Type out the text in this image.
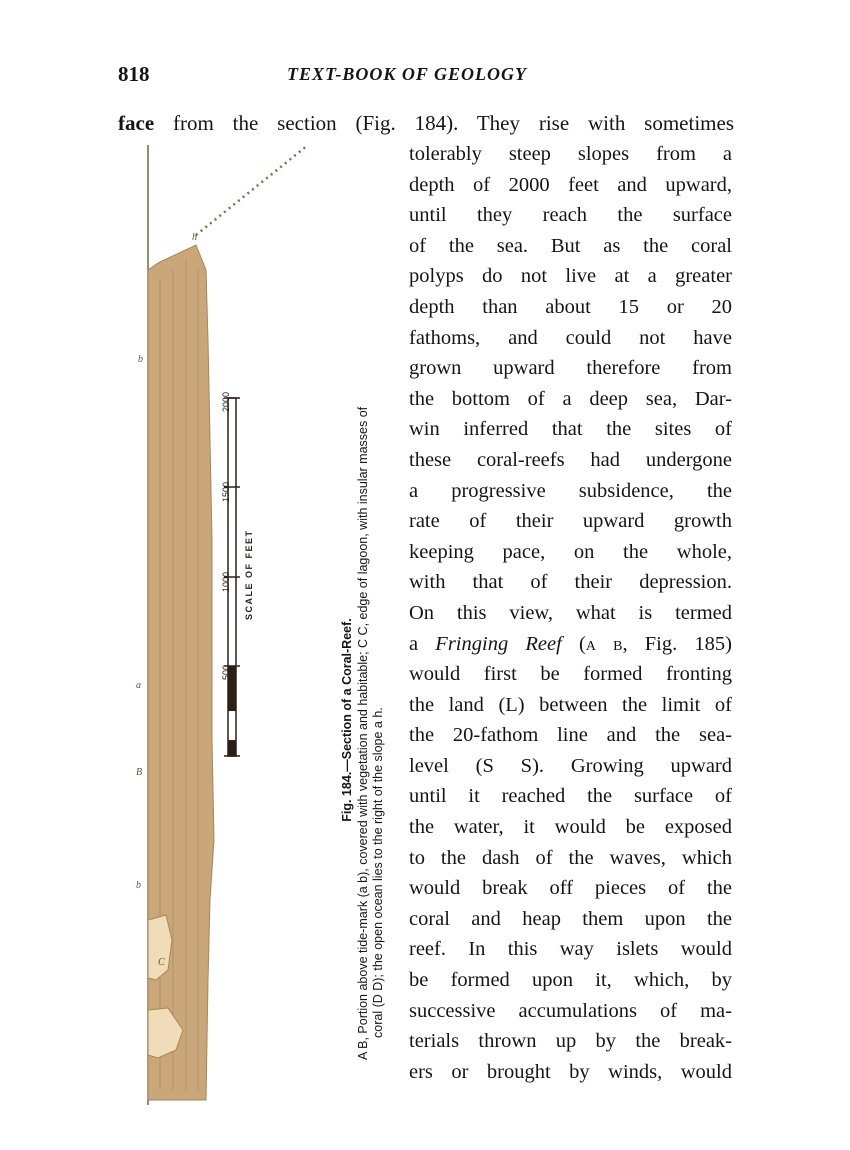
818	TEXT-BOOK OF GEOLOGY
face from the section (Fig. 184). They rise with sometimes
500
1000
1500
2000
SCALE OF FEET
h
b
a
B
b
C
Fig. 184.—Section of a Coral-Reef. A B, Portion above tide-mark (a b), covered with vegetation and habitable; C C, edge of lagoon, with insular masses of coral (D D); the open ocean lies to the right of the slope a h.
tolerably steep slopes from a
depth of 2000 feet and upward,
until they reach the surface
of the sea. But as the coral
polyps do not live at a greater
depth than about 15 or 20
fathoms, and could not have
grown upward therefore from
the bottom of a deep sea, Dar-
win inferred that the sites of
these coral-reefs had undergone
a progressive subsidence, the
rate of their upward growth
keeping pace, on the whole,
with that of their depression.
On this view, what is termed
a Fringing Reef (a b, Fig. 185)
would first be formed fronting
the land (L) between the limit of
the 20-fathom line and the sea-
level (S S). Growing upward
until it reached the surface of
the water, it would be exposed
to the dash of the waves, which
would break off pieces of the
coral and heap them upon the
reef. In this way islets would
be formed upon it, which, by
successive accumulations of ma-
terials thrown up by the break-
ers or brought by winds, would
